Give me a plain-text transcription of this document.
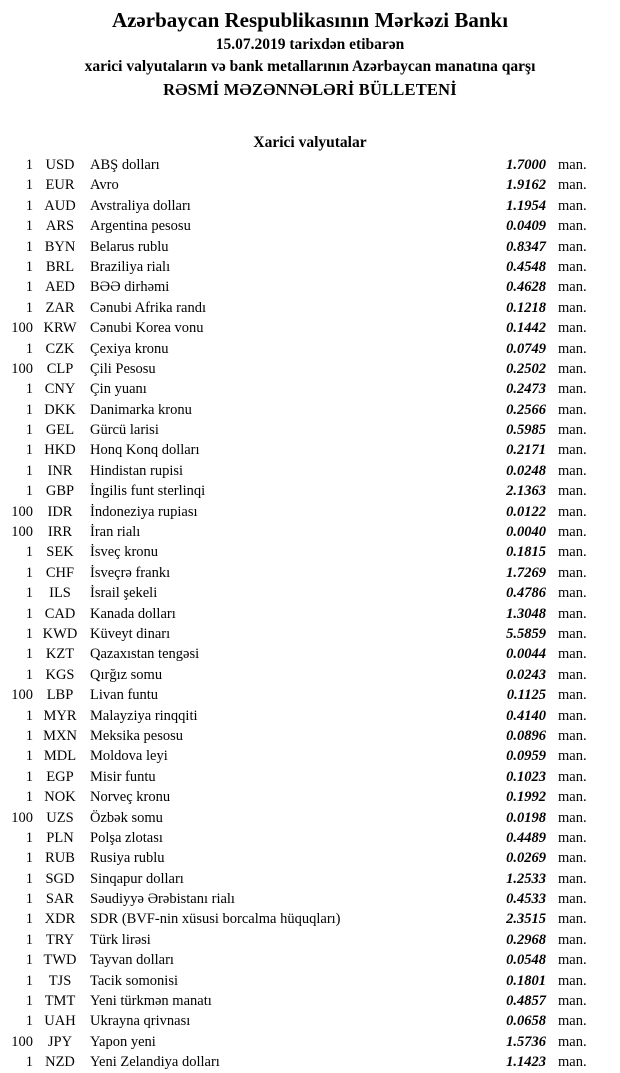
Azərbaycan Respublikasının Mərkəzi Bankı
15.07.2019 tarixdən etibarən
xarici valyutaların və bank metallarının Azərbaycan manatına qarşı
RƏSMİ MƏZƏNNƏLƏRİ BÜLLETENİ
Xarici valyutalar
1 USD	ABŞ dolları	1.7000 man.
1 EUR	Avro	1.9162 man.
1 AUD Avstraliya dolları	1.1954 man.
1 ARS	Argentina pesosu	0.0409 man.
1 BYN	Belarus rublu	0.8347 man.
1 BRL	Braziliya rialı	0.4548 man.
1 AED	BƏƏ dirhəmi	0.4628 man.
1 ZAR	Cənubi Afrika randı	0.1218 man.
100 KRW Cənubi Korea vonu	0.1442 man.
1 CZK	Çexiya kronu	0.0749 man.
100 CLP	Çili Pesosu	0.2502 man.
1 CNY	Çin yuanı	0.2473 man.
1 DKK Danimarka kronu	0.2566 man.
1 GEL	Gürcü larisi	0.5985 man.
1 HKD Honq Konq dolları	0.2171 man.
1	INR	Hindistan rupisi	0.0248 man.
1 GBP	İngilis funt sterlinqi	2.1363 man.
100	IDR	İndoneziya rupiası	0.0122 man.
100	IRR	İran rialı	0.0040 man.
1 SEK	İsveç kronu	0.1815 man.
1 CHF	İsveçrə frankı	1.7269 man.
1	ILS	İsrail şekeli	0.4786 man.
1 CAD	Kanada dolları	1.3048 man.
1 KWD Küveyt dinarı	5.5859 man.
1 KZT	Qazaxıstan tengəsi	0.0044 man.
1 KGS	Qırğız somu	0.0243 man.
100 LBP	Livan funtu	0.1125 man.
1 MYR Malayziya rinqqiti	0.4140 man.
1 MXN Meksika pesosu	0.0896 man.
1 MDL Moldova leyi	0.0959 man.
1 EGP	Misir funtu	0.1023 man.
1 NOK Norveç kronu	0.1992 man.
100 UZS	Özbək somu	0.0198 man.
1 PLN	Polşa zlotası	0.4489 man.
1 RUB	Rusiya rublu	0.0269 man.
1 SGD	Sinqapur dolları	1.2533 man.
1 SAR	Səudiyyə Ərəbistanı rialı	0.4533 man.
1 XDR	SDR (BVF-nin xüsusi borcalma hüquqları)	2.3515 man.
1 TRY	Türk lirəsi	0.2968 man.
1 TWD Tayvan dolları	0.0548 man.
1	TJS	Tacik somonisi	0.1801 man.
1 TMT	Yeni türkmən manatı	0.4857 man.
1 UAH Ukrayna qrivnası	0.0658 man.
100	JPY	Yapon yeni	1.5736 man.
1 NZD	Yeni Zelandiya dolları	1.1423 man.
